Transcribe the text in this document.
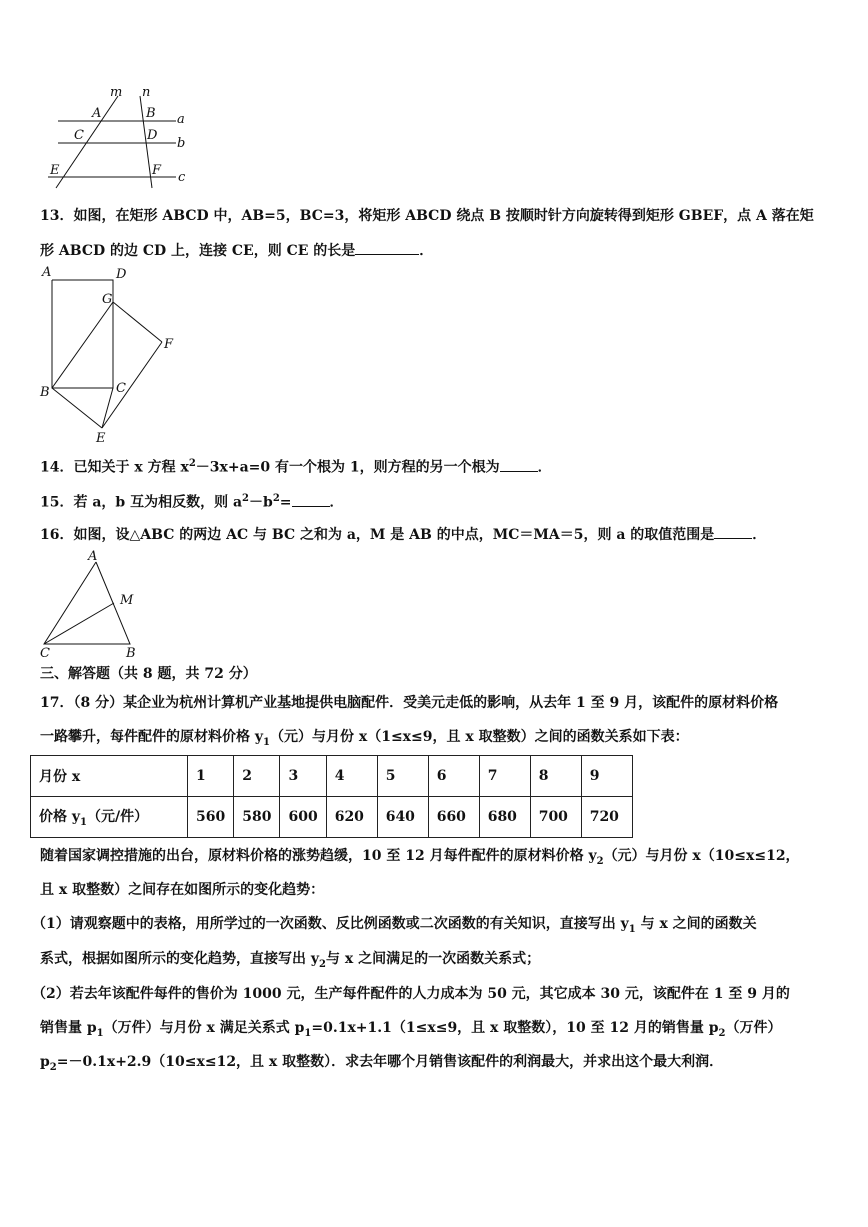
m n
A	B a
C	D
b
E	F c
13．如图，在矩形 ABCD 中，AB=5，BC=3，将矩形 ABCD 绕点 B 按顺时针方向旋转得到矩形 GBEF，点 A 落在矩
形 ABCD 的边 CD 上，连接 CE，则 CE 的长是	．
A	D
G
F
B	C
E
14．已知关于 x 方程 $x^2-3x+a=0$ 有一个根为 1，则方程的另一个根为	．
15．若 a，b 互为相反数，则 $a^2-b^2=$	．
16．如图，设△ABC 的两边 AC 与 BC 之和为 a，M 是 AB 的中点，MC＝MA＝5，则 a 的取值范围是	．
A
M
C	B
三、解答题（共 8 题，共 72 分）
17．（8 分）某企业为杭州计算机产业基地提供电脑配件．受美元走低的影响，从去年 1 至 9 月，该配件的原材料价格
一路攀升，每件配件的原材料价格 $y_1$（元）与月份 x（1≤x≤9，且 x 取整数）之间的函数关系如下表：
月份 x	1	2	3	4	5	6	7	8	9
价格 $y_1$（元/件）	560	580	600	620	640	660	680	700	720
随着国家调控措施的出台，原材料价格的涨势趋缓，10 至 12 月每件配件的原材料价格 $y_2$（元）与月份 x（10≤x≤12，
且 x 取整数）之间存在如图所示的变化趋势：
（1）请观察题中的表格，用所学过的一次函数、反比例函数或二次函数的有关知识，直接写出 $y_1$ 与 x 之间的函数关
系式，根据如图所示的变化趋势，直接写出 $y_2$与 x 之间满足的一次函数关系式；
（2）若去年该配件每件的售价为 1000 元，生产每件配件的人力成本为 50 元，其它成本 30 元，该配件在 1 至 9 月的
销售量 $p_1$（万件）与月份 x 满足关系式 $p_1=0.1x+1.1(1\le x\le 9$，且 x 取整数），10 至 12 月的销售量 $p_2$（万件）
$p_2=-0.1x+2.9(10\le x\le 12$，且 x 取整数）．求去年哪个月销售该配件的利润最大，并求出这个最大利润．
